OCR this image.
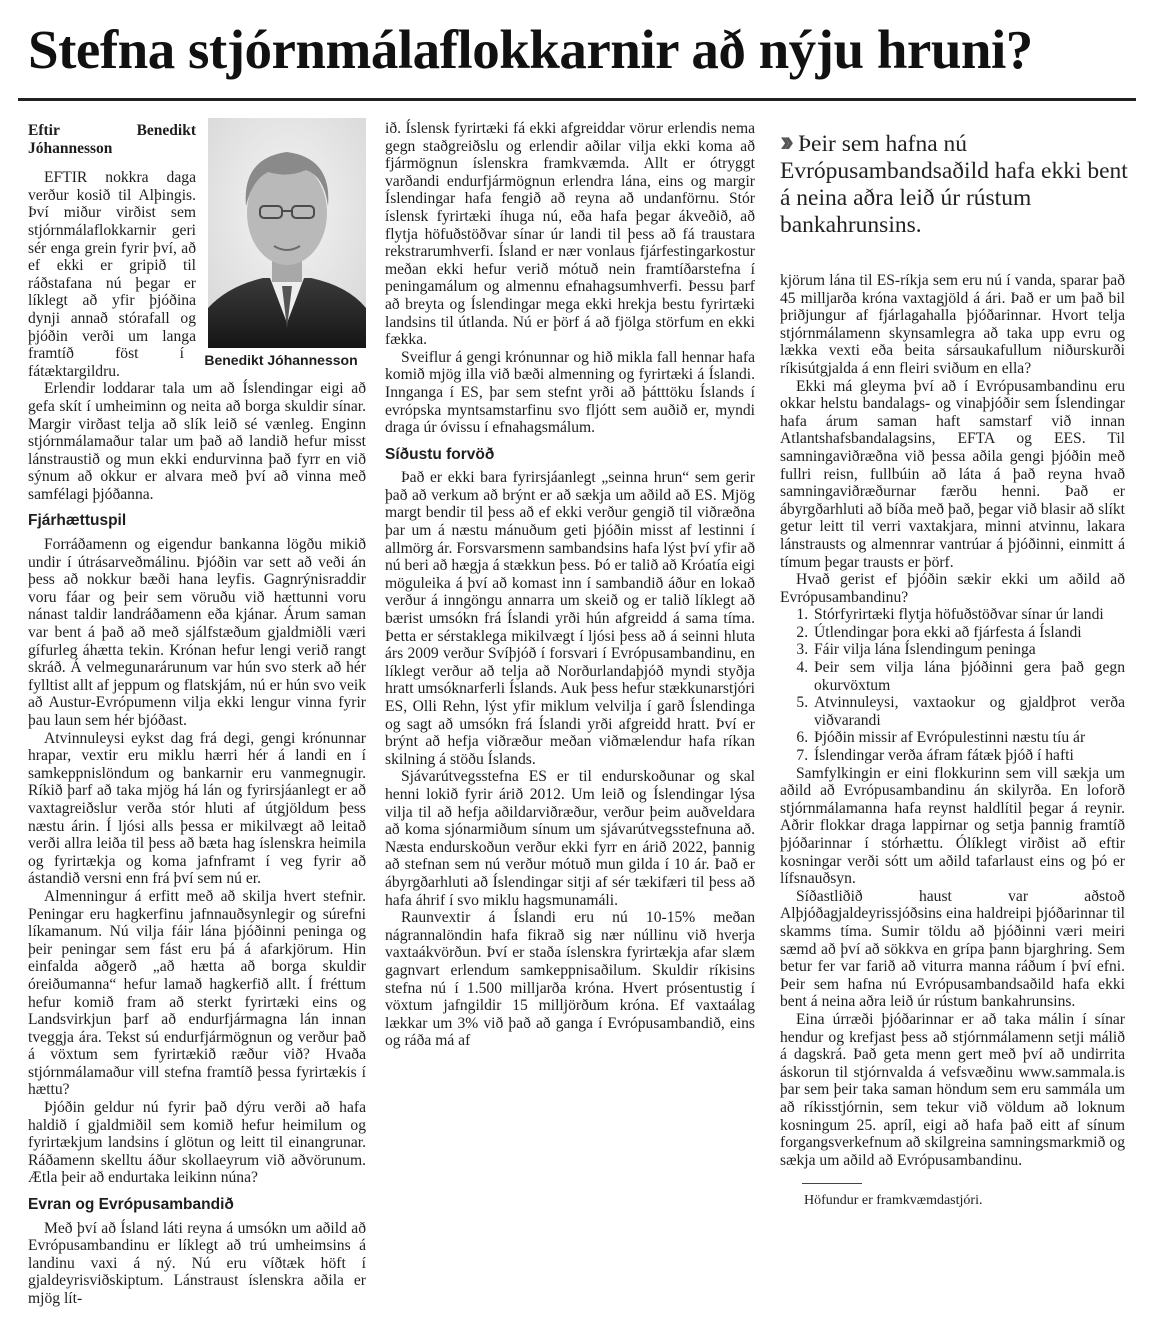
Stefna stjórnmálaflokkarnir að nýju hruni?
Benedikt Jóhannesson

Eftir Benedikt Jóhannesson

EFTIR nokkra daga verður kosið til Alþingis. Því miður virðist sem stjórnmálaflokkarnir geri sér enga grein fyrir því, að ef ekki er gripið til ráðstafana nú þegar er líklegt að yfir þjóðina dynji annað stórafall og þjóðin verði um langa framtíð föst í fátæktargildru.

Erlendir loddarar tala um að Íslendingar eigi að gefa skít í umheiminn og neita að borga skuldir sínar. Margir virðast telja að slík leið sé vænleg. Enginn stjórnmálamaður talar um það að landið hefur misst lánstraustið og mun ekki endurvinna það fyrr en við sýnum að okkur er alvara með því að vinna með samfélagi þjóðanna.

Fjárhættuspil

Forráðamenn og eigendur bankanna lögðu mikið undir í útrásarveðmálinu. Þjóðin var sett að veði án þess að nokkur bæði hana leyfis. Gagnrýnisraddir voru fáar og þeir sem vöruðu við hættunni voru nánast taldir landráðamenn eða kjánar. Árum saman var bent á það að með sjálfstæðum gjaldmiðli væri gífurleg áhætta tekin. Krónan hefur lengi verið rangt skráð. Á velmegunarárunum var hún svo sterk að hér fylltist allt af jeppum og flatskjám, nú er hún svo veik að Austur-Evrópumenn vilja ekki lengur vinna fyrir þau laun sem hér bjóðast.

Atvinnuleysi eykst dag frá degi, gengi krónunnar hrapar, vextir eru miklu hærri hér á landi en í samkeppnislöndum og bankarnir eru vanmegnugir. Ríkið þarf að taka mjög há lán og fyrirsjáanlegt er að vaxtagreiðslur verða stór hluti af útgjöldum þess næstu árin. Í ljósi alls þessa er mikilvægt að leitað verði allra leiða til þess að bæta hag íslenskra heimila og fyrirtækja og koma jafnframt í veg fyrir að ástandið versni enn frá því sem nú er.

Almenningur á erfitt með að skilja hvert stefnir. Peningar eru hagkerfinu jafnnauðsynlegir og súrefni líkamanum. Nú vilja fáir lána þjóðinni peninga og þeir peningar sem fást eru þá á afarkjörum. Hin einfalda aðgerð „að hætta að borga skuldir óreiðumanna“ hefur lamað hagkerfið allt. Í fréttum hefur komið fram að sterkt fyrirtæki eins og Landsvirkjun þarf að endurfjármagna lán innan tveggja ára. Tekst sú endurfjármögnun og verður það á vöxtum sem fyrirtækið ræður við? Hvaða stjórnmálamaður vill stefna framtíð þessa fyrirtækis í hættu?

Þjóðin geldur nú fyrir það dýru verði að hafa haldið í gjaldmiðil sem komið hefur heimilum og fyrirtækjum landsins í glötun og leitt til einangrunar. Ráðamenn skelltu áður skollaeyrum við aðvörunum. Ætla þeir að endurtaka leikinn núna?

Evran og Evrópusambandið

Með því að Ísland láti reyna á umsókn um aðild að Evrópusambandinu er líklegt að trú umheimsins á landinu vaxi á ný. Nú eru víðtæk höft í gjaldeyrisviðskiptum. Lánstraust íslenskra aðila er mjög lít-

ið. Íslensk fyrirtæki fá ekki afgreiddar vörur erlendis nema gegn staðgreiðslu og erlendir aðilar vilja ekki koma að fjármögnun íslenskra framkvæmda. Allt er ótryggt varðandi endurfjármögnun erlendra lána, eins og margir Íslendingar hafa fengið að reyna að undanförnu. Stór íslensk fyrirtæki íhuga nú, eða hafa þegar ákveðið, að flytja höfuðstöðvar sínar úr landi til þess að fá traustara rekstrarumhverfi. Ísland er nær vonlaus fjárfestingarkostur meðan ekki hefur verið mótuð nein framtíðarstefna í peningamálum og almennu efnahagsumhverfi. Þessu þarf að breyta og Íslendingar mega ekki hrekja bestu fyrirtæki landsins til útlanda. Nú er þörf á að fjölga störfum en ekki fækka.

Sveiflur á gengi krónunnar og hið mikla fall hennar hafa komið mjög illa við bæði almenning og fyrirtæki á Íslandi. Inngangа í ES, þar sem stefnt yrði að þátttöku Íslands í evrópska myntsamstarfinu svo fljótt sem auðið er, myndi draga úr óvissu í efnahagsmálum.

Síðustu forvöð

Það er ekki bara fyrirsjáanlegt „seinna hrun“ sem gerir það að verkum að brýnt er að sækja um aðild að ES. Mjög margt bendir til þess að ef ekki verður gengið til viðræðna þar um á næstu mánuðum geti þjóðin misst af lestinni í allmörg ár. Forsvarsmenn sambandsins hafa lýst því yfir að nú beri að hægja á stækkun þess. Þó er talið að Króatía eigi möguleika á því að komast inn í sambandið áður en lokað verður á inngöngu annarra um skeið og er talið líklegt að bærist umsókn frá Íslandi yrði hún afgreidd á sama tíma. Þetta er sérstaklega mikilvægt í ljósi þess að á seinni hluta árs 2009 verður Svíþjóð í forsvari í Evrópusambandinu, en líklegt verður að telja að Norðurlandaþjóð myndi styðja hratt umsóknarferli Íslands. Auk þess hefur stækkunarstjóri ES, Olli Rehn, lýst yfir miklum velvilja í garð Íslendinga og sagt að umsókn frá Íslandi yrði afgreidd hratt. Því er brýnt að hefja viðræður meðan viðmælendur hafa ríkan skilning á stöðu Íslands.

Sjávarútvegsstefna ES er til endurskoðunar og skal henni lokið fyrir árið 2012. Um leið og Íslendingar lýsa vilja til að hefja aðildarviðræður, verður þeim auðveldara að koma sjónarmiðum sínum um sjávarútvegsstefnuna að. Næsta endurskoðun verður ekki fyrr en árið 2022, þannig að stefnan sem nú verður mótuð mun gilda í 10 ár. Það er ábyrgðarhluti að Íslendingar sitji af sér tækifæri til þess að hafa áhrif í svo miklu hagsmunamáli.

Raunvextir á Íslandi eru nú 10-15% meðan nágrannalöndin hafa fikrað sig nær núllinu við hverja vaxtaákvörðun. Því er staða íslenskra fyrirtækja afar slæm gagnvart erlendum samkeppnisaðilum. Skuldir ríkisins stefna nú í 1.500 milljarða króna. Hvert prósentustig í vöxtum jafngildir 15 milljörðum króna. Ef vaxtaálag lækkar um 3% við það að ganga í Evrópusambandið, eins og ráða má af

›› Þeir sem hafna nú Evrópusambandsaðild hafa ekki bent á neina aðra leið úr rústum bankahrunsins.

kjörum lána til ES-ríkja sem eru nú í vanda, sparar það 45 milljarða króna vaxtagjöld á ári. Það er um það bil þriðjungur af fjárlagahalla þjóðarinnar. Hvort telja stjórnmálamenn skynsamlegra að taka upp evru og lækka vexti eða beita sársaukafullum niðurskurði ríkisútgjalda á enn fleiri sviðum en ella?

Ekki má gleyma því að í Evrópusambandinu eru okkar helstu bandalags- og vinaþjóðir sem Íslendingar hafa árum saman haft samstarf við innan Atlantshafsbandalagsins, EFTA og EES. Til samningaviðræðna við þessa aðila gengi þjóðin með fullri reisn, fullbúin að láta á það reyna hvað samningaviðræðurnar færðu henni. Það er ábyrgðarhluti að bíða með það, þegar við blasir að slíkt getur leitt til verri vaxtakjara, minni atvinnu, lakara lánstrausts og almennrar vantrúar á þjóðinni, einmitt á tímum þegar trausts er þörf.

Hvað gerist ef þjóðin sækir ekki um aðild að Evrópusambandinu?

1. Stórfyrirtæki flytja höfuðstöðvar sínar úr landi
2. Útlendingar þora ekki að fjárfesta á Íslandi
3. Fáir vilja lána Íslendingum peninga
4. Þeir sem vilja lána þjóðinni gera það gegn okurvöxtum
5. Atvinnuleysi, vaxtaokur og gjaldþrot verða viðvarandi
6. Þjóðin missir af Evrópulestinni næstu tíu ár
7. Íslendingar verða áfram fátæk þjóð í hafti

Samfylkingin er eini flokkurinn sem vill sækja um aðild að Evrópusambandinu án skilyrða. En loforð stjórnmálamanna hafa reynst haldlítil þegar á reynir. Aðrir flokkar draga lappirnar og setja þannig framtíð þjóðarinnar í stórhættu. Ólíklegt virðist að eftir kosningar verði sótt um aðild tafarlaust eins og þó er lífsnauðsyn.

Síðastliðið haust var aðstoð Alþjóðagjaldeyrissjóðsins eina haldreipi þjóðarinnar til skamms tíma. Sumir töldu að þjóðinni væri meiri sæmd að því að sökkva en grípa þann bjarghring. Sem betur fer var farið að viturra manna ráðum í því efni. Þeir sem hafna nú Evrópusambandsaðild hafa ekki bent á neina aðra leið úr rústum bankahrunsins.

Eina úrræði þjóðarinnar er að taka málin í sínar hendur og krefjast þess að stjórnmálamenn setji málið á dagskrá. Það geta menn gert með því að undirrita áskorun til stjórnvalda á vefsvæðinu www.sammala.is þar sem þeir taka saman höndum sem eru sammála um að ríkisstjórnin, sem tekur við völdum að loknum kosningum 25. apríl, eigi að hafa það eitt af sínum forgangsverkefnum að skilgreina samningsmarkmið og sækja um aðild að Evrópusambandinu.

Höfundur er framkvæmdastjóri.
